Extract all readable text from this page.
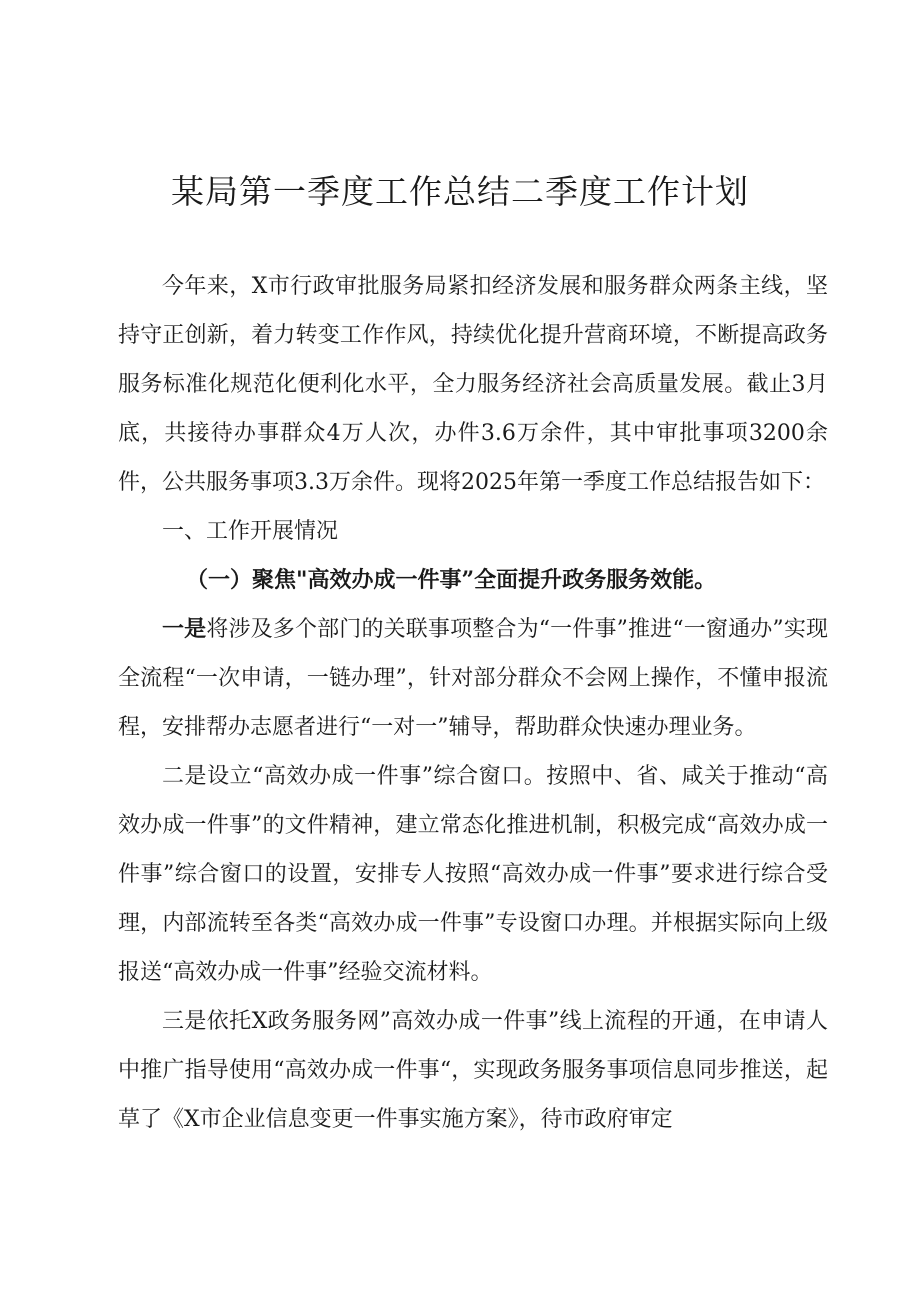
某局第一季度工作总结二季度工作计划

今年来，X市行政审批服务局紧扣经济发展和服务群众两条主线，坚持守正创新，着力转变工作作风，持续优化提升营商环境，不断提高政务服务标准化规范化便利化水平，全力服务经济社会高质量发展。截止3月底，共接待办事群众4万人次，办件3.6万余件，其中审批事项3200余件，公共服务事项3.3万余件。现将2025年第一季度工作总结报告如下：

一、工作开展情况

（一）聚焦"高效办成一件事”全面提升政务服务效能。

一是将涉及多个部门的关联事项整合为“一件事”推进“一窗通办”实现全流程“一次申请，一链办理”，针对部分群众不会网上操作，不懂申报流程，安排帮办志愿者进行“一对一”辅导，帮助群众快速办理业务。

二是设立“高效办成一件事”综合窗口。按照中、省、咸关于推动“高效办成一件事”的文件精神，建立常态化推进机制，积极完成“高效办成一件事”综合窗口的设置，安排专人按照“高效办成一件事”要求进行综合受理，内部流转至各类“高效办成一件事”专设窗口办理。并根据实际向上级报送“高效办成一件事”经验交流材料。

三是依托X政务服务网”高效办成一件事”线上流程的开通，在申请人中推广指导使用“高效办成一件事“，实现政务服务事项信息同步推送，起草了《X市企业信息变更一件事实施方案》，待市政府审定
